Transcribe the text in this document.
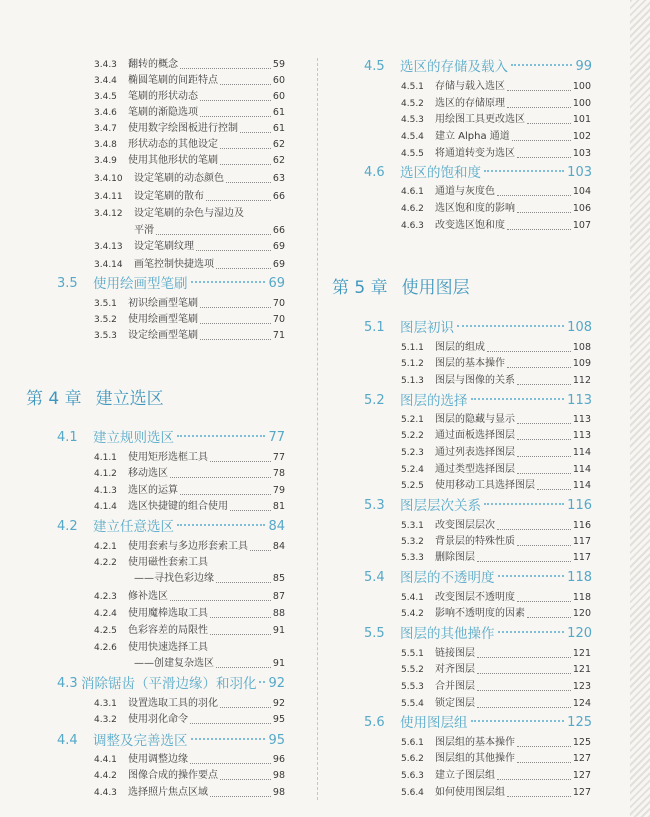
3.4.3	翻转的概念	59
3.4.4	椭圆笔刷的间距特点	60
3.4.5	笔刷的形状动态	60
3.4.6	笔刷的渐隐选项	61
3.4.7	使用数字绘图板进行控制	61
3.4.8	形状动态的其他设定	62
3.4.9	使用其他形状的笔刷	62
3.4.10	设定笔刷的动态颜色	63
3.4.11	设定笔刷的散布	66
3.4.12	设定笔刷的杂色与湿边及
平滑	66
3.4.13	设定笔刷纹理	69
3.4.14	画笔控制快捷选项	69
3.5	使用绘画型笔刷	69
3.5.1	初识绘画型笔刷	70
3.5.2	使用绘画型笔刷	70
3.5.3	设定绘画型笔刷	71
第 4 章 建立选区
4.1	建立规则选区	77
4.1.1	使用矩形选框工具	77
4.1.2	移动选区	78
4.1.3	选区的运算	79
4.1.4	选区快捷键的组合使用	81
4.2	建立任意选区	84
4.2.1	使用套索与多边形套索工具	84
4.2.2	使用磁性套索工具
——寻找色彩边缘	85
4.2.3	修补选区	87
4.2.4	使用魔棒选取工具	88
4.2.5	色彩容差的局限性	91
4.2.6	使用快速选择工具
——创建复杂选区	91
4.3 消除锯齿（平滑边缘）和羽化 92
4.3.1	设置选取工具的羽化	92
4.3.2	使用羽化命令	95
4.4	调整及完善选区	95
4.4.1	使用调整边缘	96
4.4.2	图像合成的操作要点	98
4.4.3	选择照片焦点区域	98
4.5	选区的存储及载入	99
4.5.1	存储与载入选区	100
4.5.2	选区的存储原理	100
4.5.3	用绘图工具更改选区	101
4.5.4	建立 Alpha 通道	102
4.5.5	将通道转变为选区	103
4.6	选区的饱和度	103
4.6.1	通道与灰度色	104
4.6.2	选区饱和度的影响	106
4.6.3	改变选区饱和度	107
第 5 章 使用图层
5.1	图层初识	108
5.1.1	图层的组成	108
5.1.2	图层的基本操作	109
5.1.3	图层与图像的关系	112
5.2	图层的选择	113
5.2.1	图层的隐藏与显示	113
5.2.2	通过面板选择图层	113
5.2.3	通过列表选择图层	114
5.2.4	通过类型选择图层	114
5.2.5	使用移动工具选择图层	114
5.3	图层层次关系	116
5.3.1	改变图层层次	116
5.3.2	背景层的特殊性质	117
5.3.3	删除图层	117
5.4	图层的不透明度	118
5.4.1	改变图层不透明度	118
5.4.2	影响不透明度的因素	120
5.5	图层的其他操作	120
5.5.1	链接图层	121
5.5.2	对齐图层	121
5.5.3	合并图层	123
5.5.4	锁定图层	124
5.6	使用图层组	125
5.6.1	图层组的基本操作	125
5.6.2	图层组的其他操作	127
5.6.3	建立子图层组	127
5.6.4	如何使用图层组	127
